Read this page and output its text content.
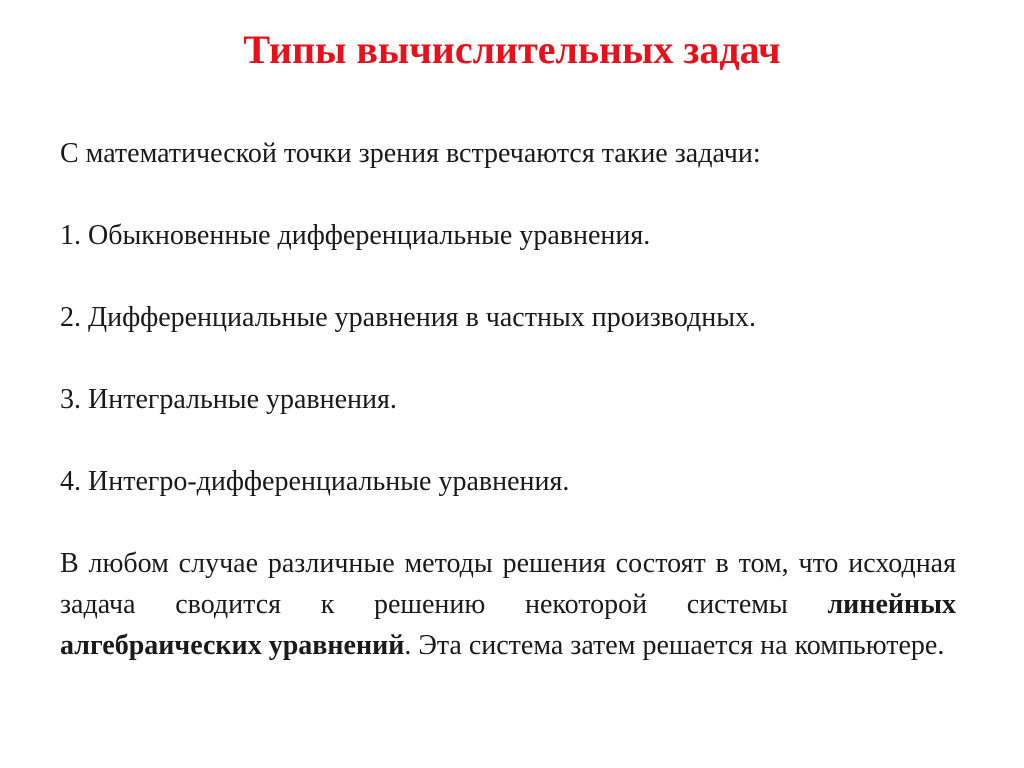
Типы вычислительных задач

С математической точки зрения встречаются такие задачи:

1. Обыкновенные дифференциальные уравнения.

2. Дифференциальные уравнения в частных производных.

3. Интегральные уравнения.

4. Интегро-дифференциальные уравнения.

В любом случае различные методы решения состоят в том, что исходная задача сводится к решению некоторой системы линейных алгебраических уравнений. Эта система затем решается на компьютере.
